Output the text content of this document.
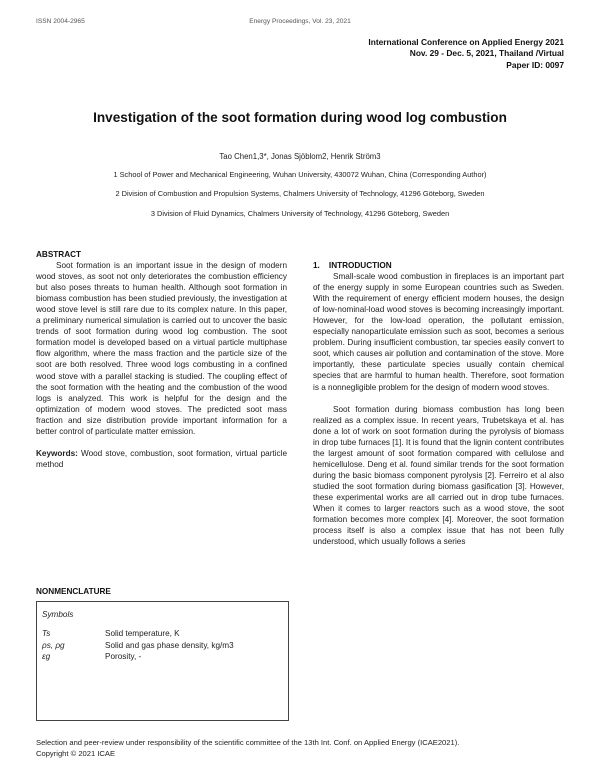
ISSN 2004-2965	Energy Proceedings, Vol. 23, 2021
International Conference on Applied Energy 2021
Nov. 29 - Dec. 5, 2021, Thailand /Virtual
Paper ID: 0097
Investigation of the soot formation during wood log combustion
Tao Chen1,3*, Jonas Sjöblom2, Henrik Ström3
1 School of Power and Mechanical Engineering, Wuhan University, 430072 Wuhan, China (Corresponding Author)
2 Division of Combustion and Propulsion Systems, Chalmers University of Technology, 41296 Göteborg, Sweden
3 Division of Fluid Dynamics, Chalmers University of Technology, 41296 Göteborg, Sweden
ABSTRACT

Soot formation is an important issue in the design of modern wood stoves, as soot not only deteriorates the combustion efficiency but also poses threats to human health. Although soot formation in biomass combustion has been studied previously, the investigation at wood stove level is still rare due to its complex nature. In this paper, a preliminary numerical simulation is carried out to uncover the basic trends of soot formation during wood log combustion. The soot formation model is developed based on a virtual particle multiphase flow algorithm, where the mass fraction and the particle size of the soot are both resolved. Three wood logs combusting in a confined wood stove with a parallel stacking is studied. The coupling effect of the soot formation with the heating and the combustion of the wood logs is analyzed. This work is helpful for the design and the optimization of modern wood stoves. The predicted soot mass fraction and size distribution provide important information for a better control of particulate matter emission.

Keywords: Wood stove, combustion, soot formation, virtual particle method

NONMENCLATURE
Symbols
Ts	Solid temperature, K
ρs, ρg	Solid and gas phase density, kg/m3
εg	Porosity, -
1.    INTRODUCTION

Small-scale wood combustion in fireplaces is an important part of the energy supply in some European countries such as Sweden. With the requirement of energy efficient modern houses, the design of low-nominal-load wood stoves is becoming increasingly important. However, for the low-load operation, the pollutant emission, especially nanoparticulate emission such as soot, becomes a serious problem. During insufficient combustion, tar species easily convert to soot, which causes air pollution and contamination of the stove. More importantly, these particulate species usually contain chemical species that are harmful to human health. Therefore, soot formation is a nonnegligible problem for the design of modern wood stoves.

Soot formation during biomass combustion has long been realized as a complex issue. In recent years, Trubetskaya et al. has done a lot of work on soot formation during the pyrolysis of biomass in drop tube furnaces [1]. It is found that the lignin content contributes the largest amount of soot formation compared with cellulose and hemicellulose. Deng et al. found similar trends for the soot formation during the basic biomass component pyrolysis [2]. Ferreiro et al also studied the soot formation during biomass gasification [3]. However, these experimental works are all carried out in drop tube furnaces. When it comes to larger reactors such as a wood stove, the soot formation becomes more complex [4]. Moreover, the soot formation process itself is also a complex issue that has not been fully understood, which usually follows a series

Selection and peer-review under responsibility of the scientific committee of the 13th Int. Conf. on Applied Energy (ICAE2021).
Copyright © 2021 ICAE
